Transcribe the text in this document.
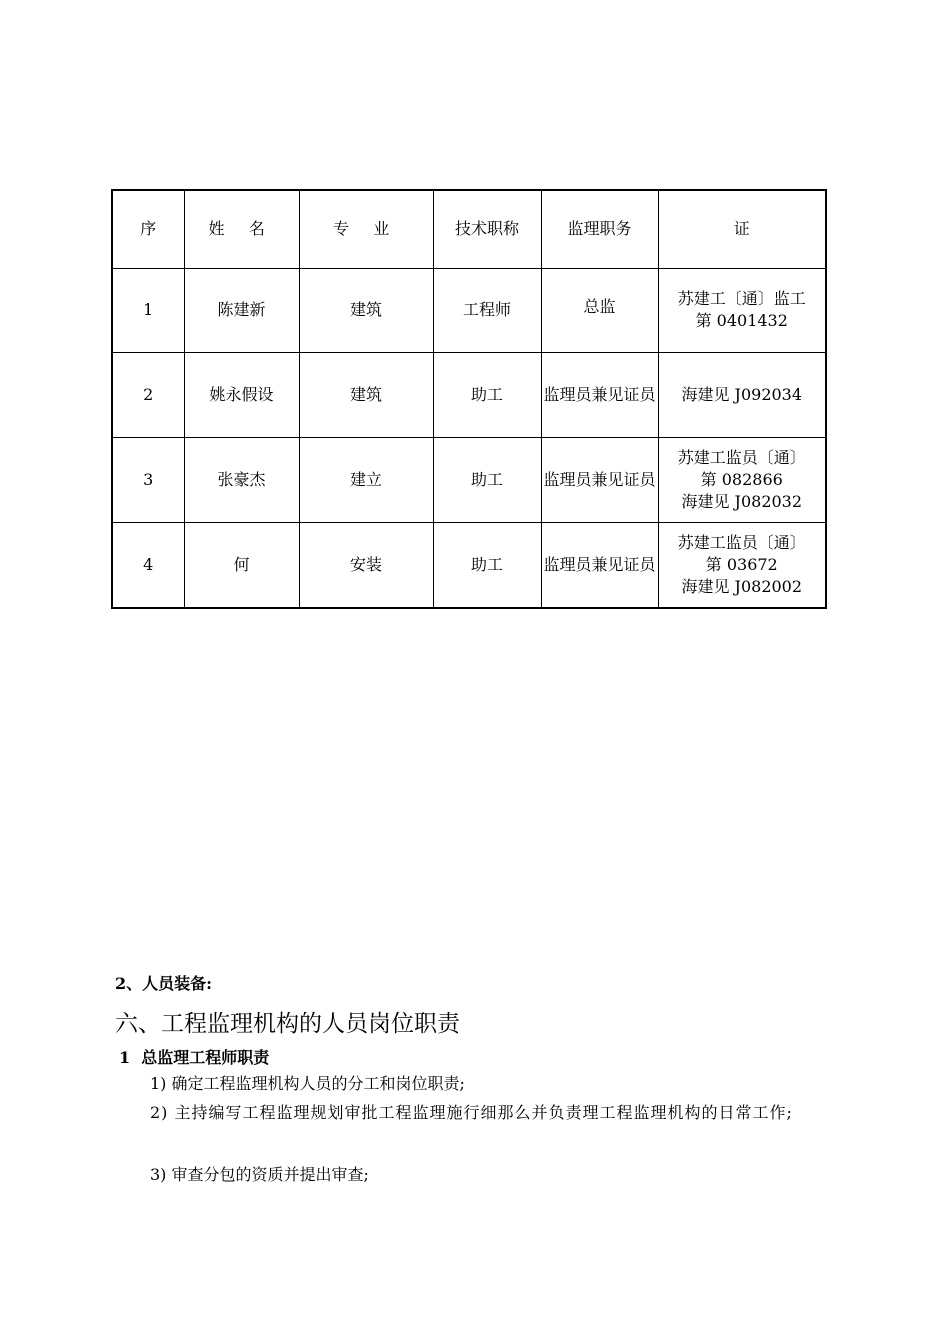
序	姓 名	专 业	技术职称	监理职务	证
1	陈建新	建筑	工程师	总监	苏建工〔通〕监工
第 0401432

2	姚永假设	建筑	助工	监理员兼见证员	海建见 J092034

3	张豪杰	建立	助工	监理员兼见证员	苏建工监员〔通〕
第 082866
海建见 J082032

4	何	安装	助工	监理员兼见证员	苏建工监员〔通〕
第 03672
海建见 J082002
2、人员装备:
六、工程监理机构的人员岗位职责
1  总监理工程师职责
1) 确定工程监理机构人员的分工和岗位职责;
2) 主持编写工程监理规划审批工程监理施行细那么并负责理工程监理机构的日常工作;
3) 审查分包的资质并提出审查;
